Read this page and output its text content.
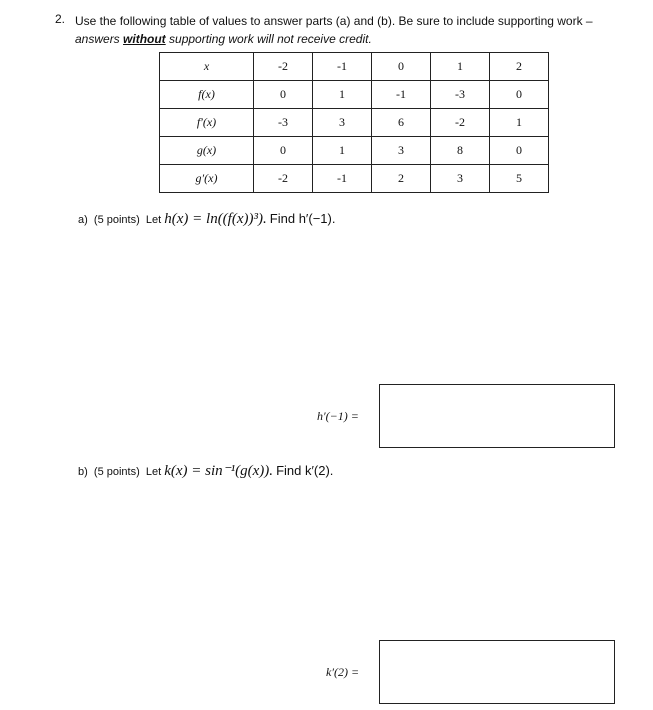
2. Use the following table of values to answer parts (a) and (b). Be sure to include supporting work –
answers without supporting work will not receive credit.
x	-2	-1	0	1	2
f(x)	0	1	-1	-3	0
f′(x)	-3	3	6	-2	1
g(x)	0	1	3	8	0
g′(x)	-2	-1	2	3	5
a) (5 points) Let h(x) = ln((f(x))³). Find h′(−1).
h′(−1) =
b) (5 points) Let k(x) = sin⁻¹(g(x)). Find k′(2).
k′(2) =
